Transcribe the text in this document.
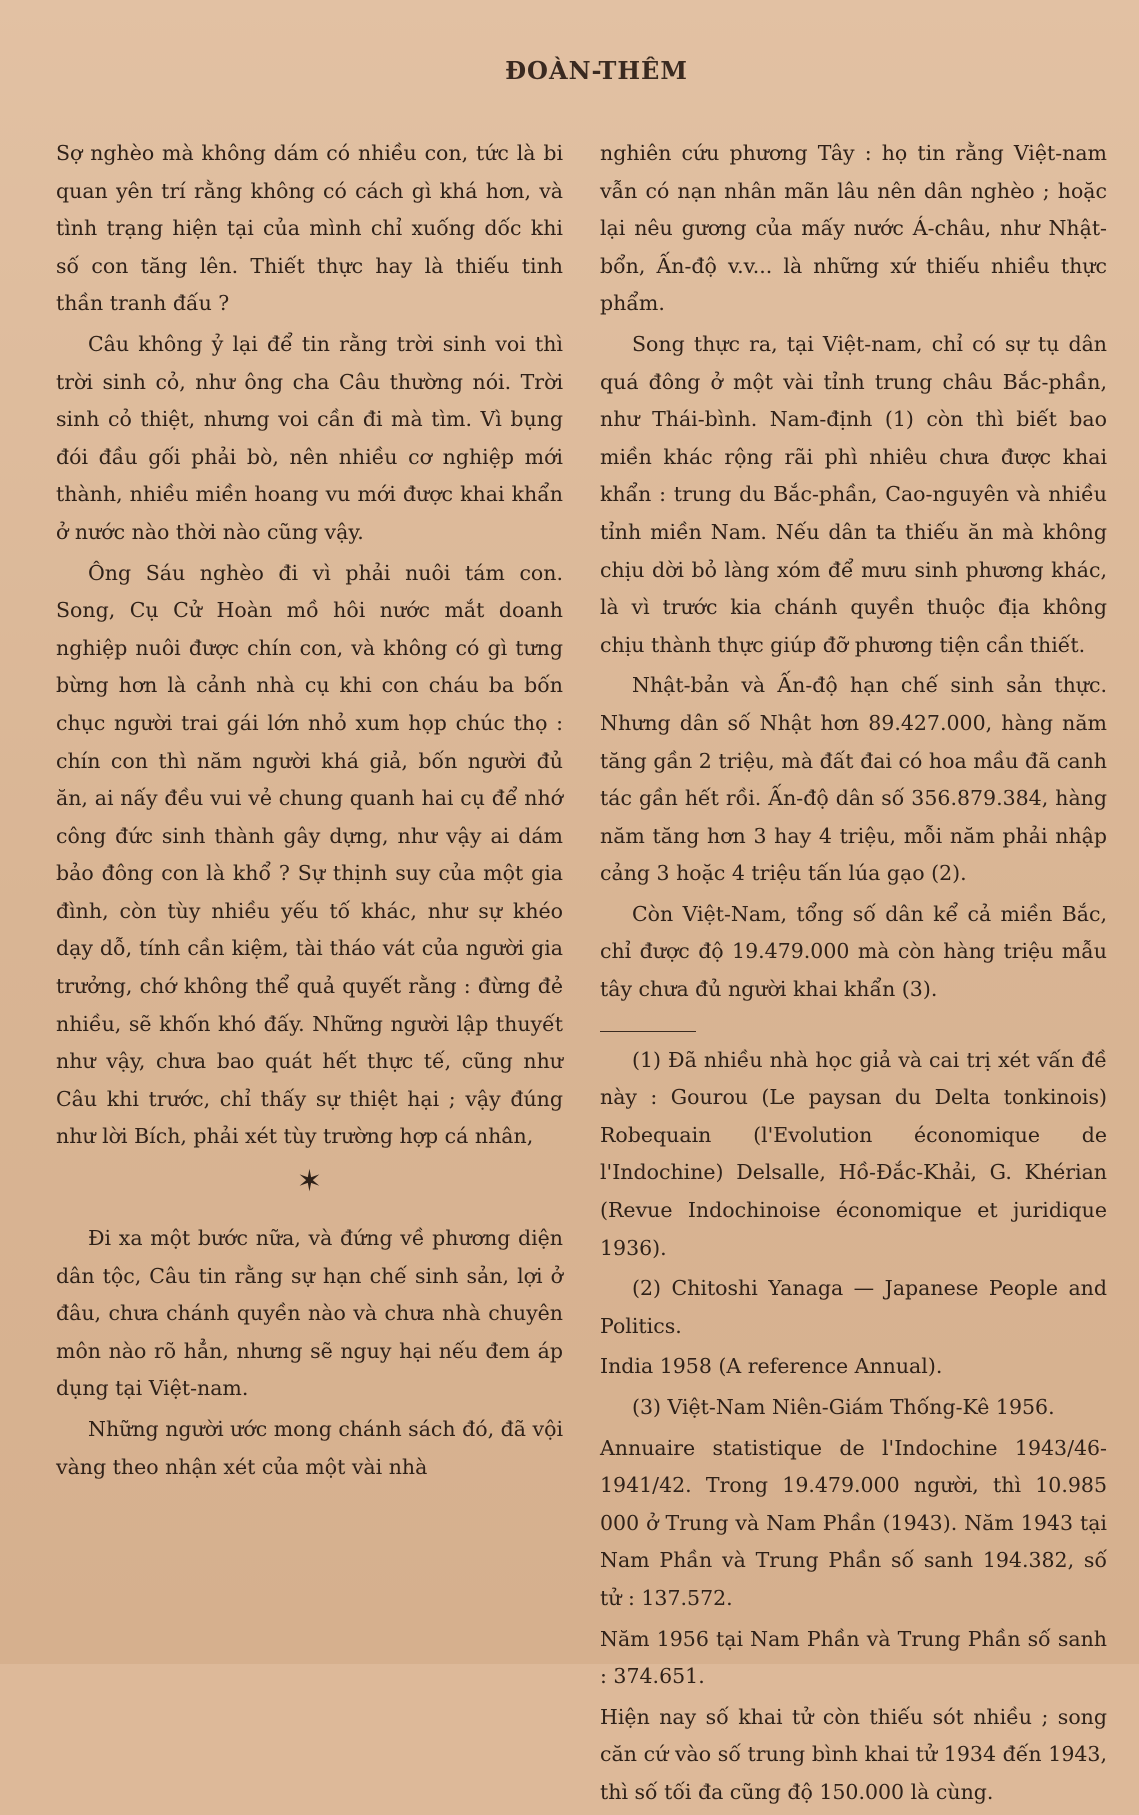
ĐOÀN-THÊM

Sợ nghèo mà không dám có nhiều con, tức là bi quan yên trí rằng không có cách gì khá hơn, và tình trạng hiện tại của mình chỉ xuống dốc khi số con tăng lên. Thiết thực hay là thiếu tinh thần tranh đấu ?

Câu không ỷ lại để tin rằng trời sinh voi thì trời sinh cỏ, như ông cha Câu thường nói. Trời sinh cỏ thiệt, nhưng voi cần đi mà tìm. Vì bụng đói đầu gối phải bò, nên nhiều cơ nghiệp mới thành, nhiều miền hoang vu mới được khai khẩn ở nước nào thời nào cũng vậy.

Ông Sáu nghèo đi vì phải nuôi tám con. Song, Cụ Cử Hoàn mồ hôi nước mắt doanh nghiệp nuôi được chín con, và không có gì tưng bừng hơn là cảnh nhà cụ khi con cháu ba bốn chục người trai gái lớn nhỏ xum họp chúc thọ : chín con thì năm người khá giả, bốn người đủ ăn, ai nấy đều vui vẻ chung quanh hai cụ để nhớ công đức sinh thành gây dựng, như vậy ai dám bảo đông con là khổ ? Sự thịnh suy của một gia đình, còn tùy nhiều yếu tố khác, như sự khéo dạy dỗ, tính cần kiệm, tài tháo vát của người gia trưởng, chớ không thể quả quyết rằng : đừng đẻ nhiều, sẽ khốn khó đấy. Những người lập thuyết như vậy, chưa bao quát hết thực tế, cũng như Câu khi trước, chỉ thấy sự thiệt hại ; vậy đúng như lời Bích, phải xét tùy trường hợp cá nhân,

✶

Đi xa một bước nữa, và đứng về phương diện dân tộc, Câu tin rằng sự hạn chế sinh sản, lợi ở đâu, chưa chánh quyền nào và chưa nhà chuyên môn nào rõ hẳn, nhưng sẽ nguy hại nếu đem áp dụng tại Việt-nam.

Những người ước mong chánh sách đó, đã vội vàng theo nhận xét của một vài nhà

nghiên cứu phương Tây : họ tin rằng Việt-nam vẫn có nạn nhân mãn lâu nên dân nghèo ; hoặc lại nêu gương của mấy nước Á-châu, như Nhật-bổn, Ấn-độ v.v... là những xứ thiếu nhiều thực phẩm.

Song thực ra, tại Việt-nam, chỉ có sự tụ dân quá đông ở một vài tỉnh trung châu Bắc-phần, như Thái-bình. Nam-định (1) còn thì biết bao miền khác rộng rãi phì nhiêu chưa được khai khẩn : trung du Bắc-phần, Cao-nguyên và nhiều tỉnh miền Nam. Nếu dân ta thiếu ăn mà không chịu dời bỏ làng xóm để mưu sinh phương khác, là vì trước kia chánh quyền thuộc địa không chịu thành thực giúp đỡ phương tiện cần thiết.

Nhật-bản và Ấn-độ hạn chế sinh sản thực. Nhưng dân số Nhật hơn 89.427.000, hàng năm tăng gần 2 triệu, mà đất đai có hoa mầu đã canh tác gần hết rồi. Ấn-độ dân số 356.879.384, hàng năm tăng hơn 3 hay 4 triệu, mỗi năm phải nhập cảng 3 hoặc 4 triệu tấn lúa gạo (2).

Còn Việt-Nam, tổng số dân kể cả miền Bắc, chỉ được độ 19.479.000 mà còn hàng triệu mẫu tây chưa đủ người khai khẩn (3).

(1) Đã nhiều nhà học giả và cai trị xét vấn đề này : Gourou (Le paysan du Delta tonkinois) Robequain (l'Evolution économique de l'Indochine) Delsalle, Hồ-Đắc-Khải, G. Khérian (Revue Indochinoise économique et juridique 1936).

(2) Chitoshi Yanaga — Japanese People and Politics.

India 1958 (A reference Annual).

(3) Việt-Nam Niên-Giám Thống-Kê 1956.

Annuaire statistique de l'Indochine 1943/46-1941/42. Trong 19.479.000 người, thì 10.985 000 ở Trung và Nam Phần (1943). Năm 1943 tại Nam Phần và Trung Phần số sanh 194.382, số tử : 137.572.

Năm 1956 tại Nam Phần và Trung Phần số sanh : 374.651.

Hiện nay số khai tử còn thiếu sót nhiều ; song căn cứ vào số trung bình khai tử 1934 đến 1943, thì số tối đa cũng độ 150.000 là cùng.
